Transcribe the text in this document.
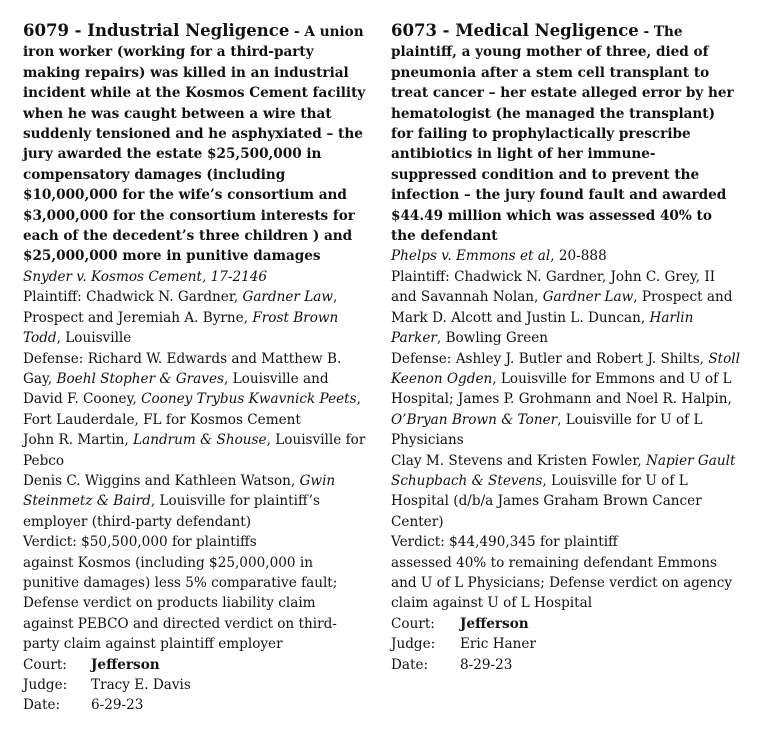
6079 - Industrial Negligence - A union iron worker (working for a third-party making repairs) was killed in an industrial incident while at the Kosmos Cement facility when he was caught between a wire that suddenly tensioned and he asphyxiated – the jury awarded the estate $25,500,000 in compensatory damages (including $10,000,000 for the wife’s consortium and $3,000,000 for the consortium interests for each of the decedent’s three children ) and $25,000,000 more in punitive damages

Snyder v. Kosmos Cement, 17-2146

Plaintiff: Chadwick N. Gardner, Gardner Law, Prospect and Jeremiah A. Byrne, Frost Brown Todd, Louisville

Defense: Richard W. Edwards and Matthew B. Gay, Boehl Stopher & Graves, Louisville and David F. Cooney, Cooney Trybus Kwavnick Peets, Fort Lauderdale, FL for Kosmos Cement

John R. Martin, Landrum & Shouse, Louisville for Pebco

Denis C. Wiggins and Kathleen Watson, Gwin Steinmetz & Baird, Louisville for plaintiff’s employer (third-party defendant)

Verdict: $50,500,000 for plaintiffs

against Kosmos (including $25,000,000 in punitive damages) less 5% comparative fault; Defense verdict on products liability claim against PEBCO and directed verdict on third-party claim against plaintiff employer

Court:	Jefferson
Judge:	Tracy E. Davis
Date:	6-29-23

6073 - Medical Negligence - The plaintiff, a young mother of three, died of pneumonia after a stem cell transplant to treat cancer – her estate alleged error by her hematologist (he managed the transplant) for failing to prophylactically prescribe antibiotics in light of her immune-suppressed condition and to prevent the infection – the jury found fault and awarded $44.49 million which was assessed 40% to the defendant

Phelps v. Emmons et al, 20-888

Plaintiff: Chadwick N. Gardner, John C. Grey, II and Savannah Nolan, Gardner Law, Prospect and Mark D. Alcott and Justin L. Duncan, Harlin Parker, Bowling Green

Defense: Ashley J. Butler and Robert J. Shilts, Stoll Keenon Ogden, Louisville for Emmons and U of L Hospital; James P. Grohmann and Noel R. Halpin, O’Bryan Brown & Toner, Louisville for U of L Physicians

Clay M. Stevens and Kristen Fowler, Napier Gault Schupbach & Stevens, Louisville for U of L Hospital (d/b/a James Graham Brown Cancer Center)

Verdict: $44,490,345 for plaintiff

assessed 40% to remaining defendant Emmons and U of L Physicians; Defense verdict on agency claim against U of L Hospital

Court:	Jefferson
Judge:	Eric Haner
Date:	8-29-23
